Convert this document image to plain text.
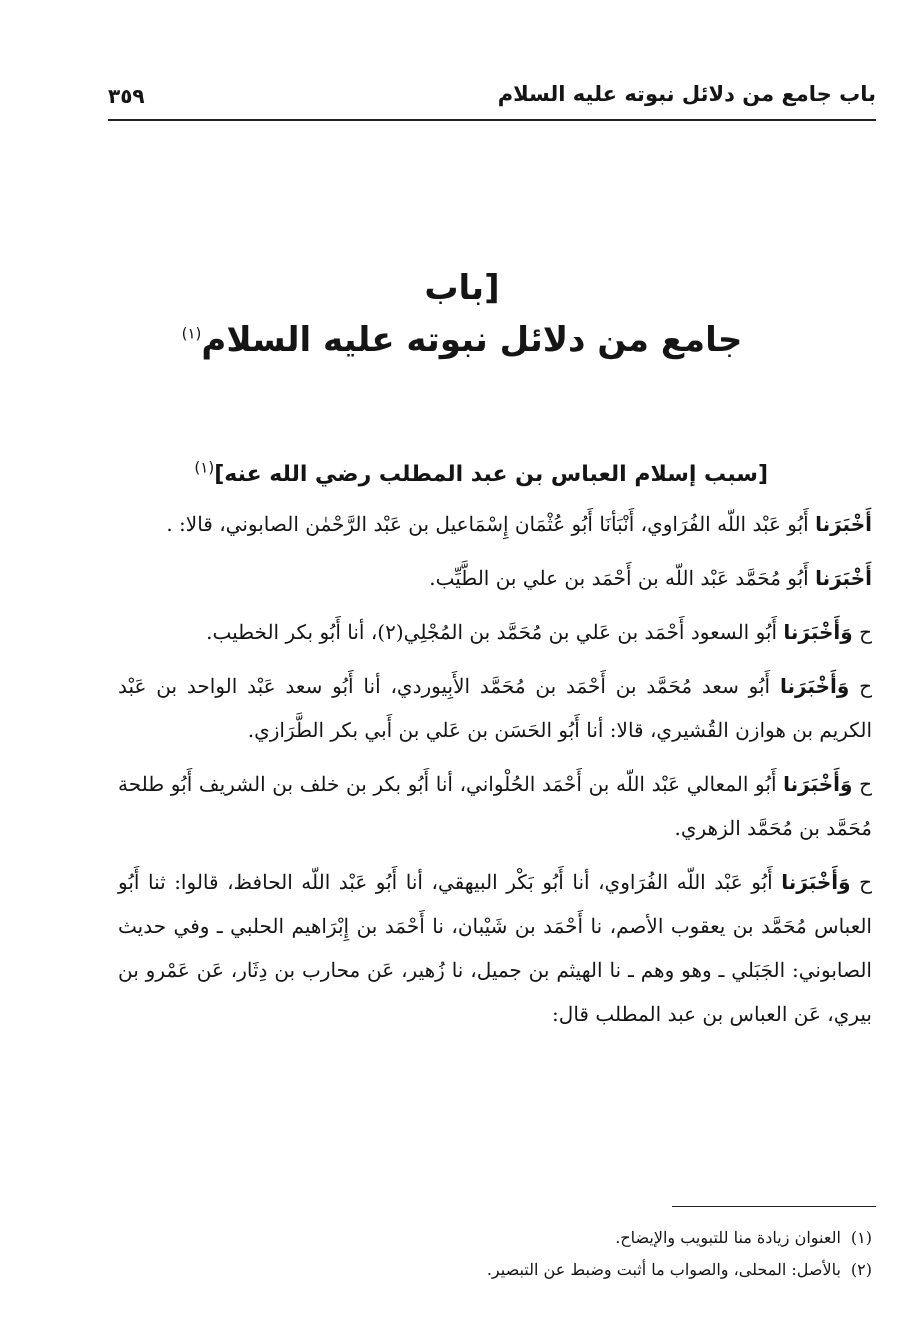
باب جامع من دلائل نبوته عليه السلام
٣٥٩
[باب
جامع من دلائل نبوته عليه السلام$^{(١)}$
[سبب إسلام العباس بن عبد المطلب رضي الله عنه]$^{(١)}$

أَخْبَرَنا أَبُو عَبْد اللّه الفُرَاوي، أَنْبَأنَا أَبُو عُثْمَان إِسْمَاعيل بن عَبْد الرَّحْمٰن الصابوني، قالا: .

أَخْبَرَنا أَبُو مُحَمَّد عَبْد اللّه بن أَحْمَد بن علي بن الطَّيِّب.

ح وَأَخْبَرَنا أَبُو السعود أَحْمَد بن عَلي بن مُحَمَّد بن المُجْلِي(٢)، أنا أَبُو بكر الخطيب.

ح وَأَخْبَرَنا أَبُو سعد مُحَمَّد بن أَحْمَد بن مُحَمَّد الأَبِيوردي، أنا أَبُو سعد عَبْد الواحد بن عَبْد الكريم بن هوازن القُشيري، قالا: أنا أَبُو الحَسَن بن عَلي بن أَبي بكر الطَّرَازي.

ح وَأَخْبَرَنا أَبُو المعالي عَبْد اللّه بن أَحْمَد الحُلْواني، أنا أَبُو بكر بن خلف بن الشريف أَبُو طلحة مُحَمَّد بن مُحَمَّد الزهري.

ح وَأَخْبَرَنا أَبُو عَبْد اللّه الفُرَاوي، أنا أَبُو بَكْر البيهقي، أنا أَبُو عَبْد اللّه الحافظ، قالوا: ثنا أَبُو العباس مُحَمَّد بن يعقوب الأصم، نا أَحْمَد بن شَيْبان، نا أَحْمَد بن إِبْرَاهيم الحلبي ـ وفي حديث الصابوني: الجَبَلي ـ وهو وهم ـ نا الهيثم بن جميل، نا زُهير، عَن محارب بن دِثَار، عَن عَمْرو بن بيري، عَن العباس بن عبد المطلب قال:

(١)العنوان زيادة منا للتبويب والإيضاح.
(٢)بالأصل: المحلى، والصواب ما أثبت وضبط عن التبصير.
